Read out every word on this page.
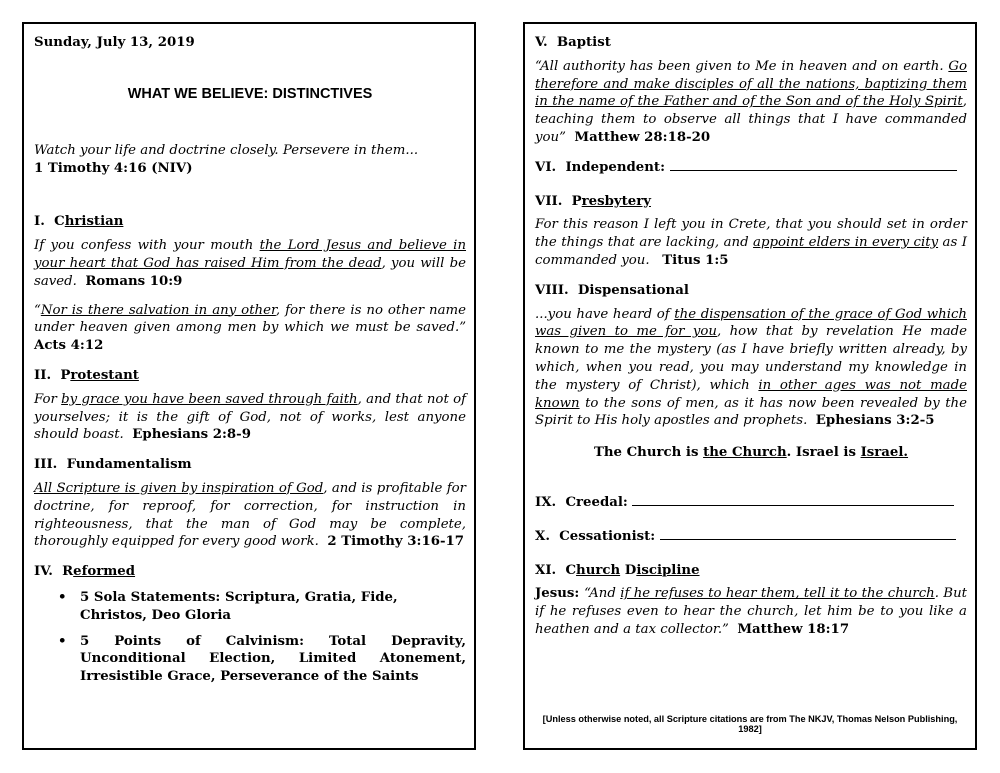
Sunday, July 13, 2019
WHAT WE BELIEVE: DISTINCTIVES
Watch your life and doctrine closely. Persevere in them...
1 Timothy 4:16 (NIV)
I. Christian
If you confess with your mouth the Lord Jesus and believe in your heart that God has raised Him from the dead, you will be saved. Romans 10:9
“Nor is there salvation in any other, for there is no other name under heaven given among men by which we must be saved.” Acts 4:12
II. Protestant
For by grace you have been saved through faith, and that not of yourselves; it is the gift of God, not of works, lest anyone should boast. Ephesians 2:8-9
III. Fundamentalism
All Scripture is given by inspiration of God, and is profitable for doctrine, for reproof, for correction, for instruction in righteousness, that the man of God may be complete, thoroughly equipped for every good work. 2 Timothy 3:16-17
IV. Reformed
• 5 Sola Statements: Scriptura, Gratia, Fide, Christos, Deo Gloria
• 5 Points of Calvinism: Total Depravity, Unconditional Election, Limited Atonement, Irresistible Grace, Perseverance of the Saints
V. Baptist
“All authority has been given to Me in heaven and on earth. Go therefore and make disciples of all the nations, baptizing them in the name of the Father and of the Son and of the Holy Spirit, teaching them to observe all things that I have commanded you” Matthew 28:18-20
VI. Independent:
VII. Presbytery
For this reason I left you in Crete, that you should set in order the things that are lacking, and appoint elders in every city as I commanded you. Titus 1:5
VIII. Dispensational
...you have heard of the dispensation of the grace of God which was given to me for you, how that by revelation He made known to me the mystery (as I have briefly written already, by which, when you read, you may understand my knowledge in the mystery of Christ), which in other ages was not made known to the sons of men, as it has now been revealed by the Spirit to His holy apostles and prophets. Ephesians 3:2-5
The Church is the Church. Israel is Israel.
IX. Creedal:
X. Cessationist:
XI. Church Discipline
Jesus: “And if he refuses to hear them, tell it to the church. But if he refuses even to hear the church, let him be to you like a heathen and a tax collector.” Matthew 18:17
[Unless otherwise noted, all Scripture citations are from The NKJV, Thomas Nelson Publishing, 1982]
